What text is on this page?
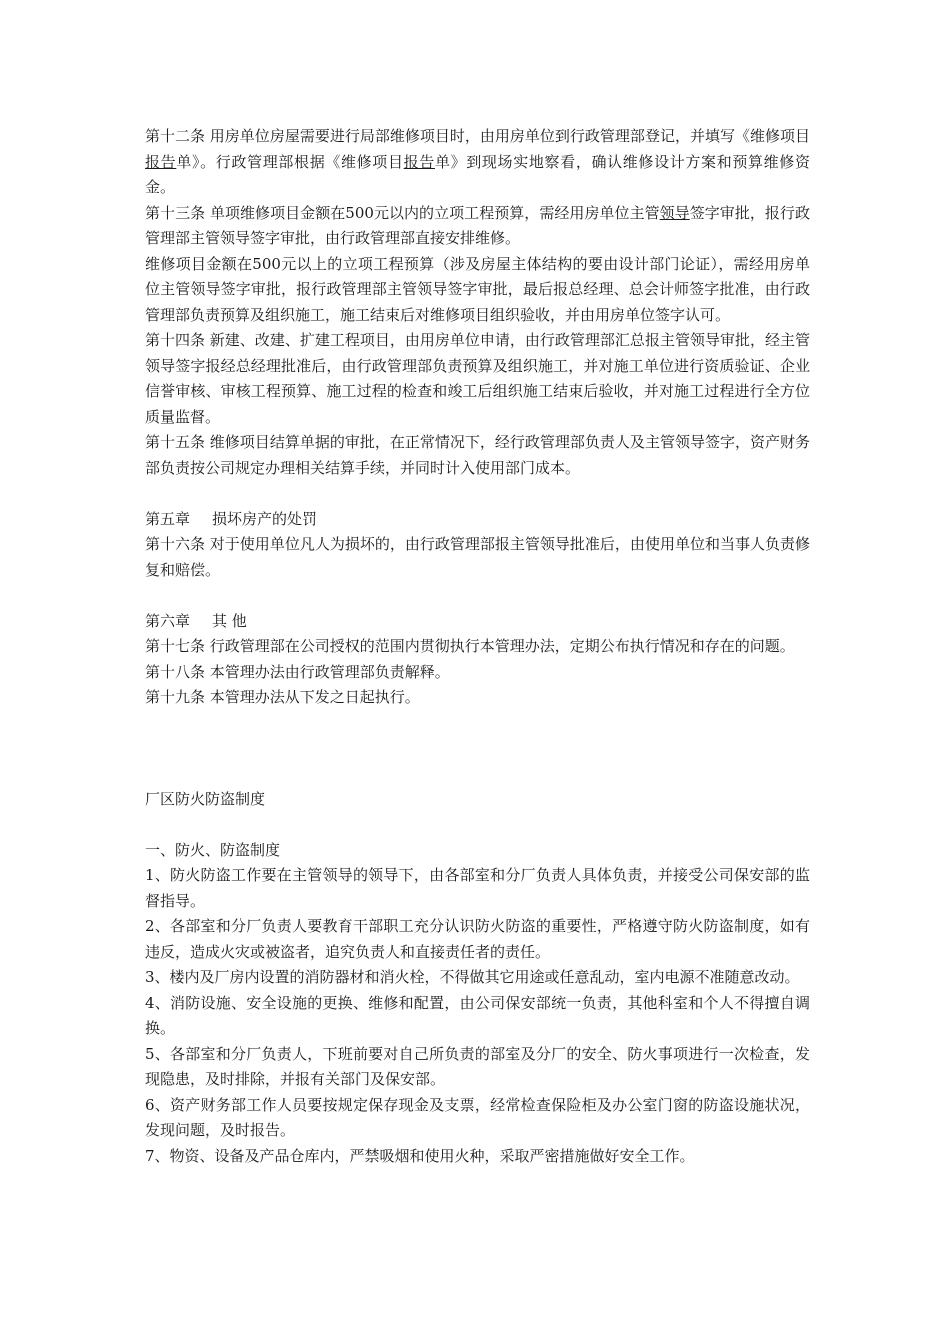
第十二条 用房单位房屋需要进行局部维修项目时，由用房单位到行政管理部登记，并填写《维修项目报告单》。行政管理部根据《维修项目报告单》到现场实地察看，确认维修设计方案和预算维修资金。

第十三条 单项维修项目金额在500元以内的立项工程预算，需经用房单位主管领导签字审批，报行政管理部主管领导签字审批，由行政管理部直接安排维修。

维修项目金额在500元以上的立项工程预算（涉及房屋主体结构的要由设计部门论证），需经用房单位主管领导签字审批，报行政管理部主管领导签字审批，最后报总经理、总会计师签字批准，由行政管理部负责预算及组织施工，施工结束后对维修项目组织验收，并由用房单位签字认可。

第十四条 新建、改建、扩建工程项目，由用房单位申请，由行政管理部汇总报主管领导审批，经主管领导签字报经总经理批准后，由行政管理部负责预算及组织施工，并对施工单位进行资质验证、企业信誉审核、审核工程预算、施工过程的检查和竣工后组织施工结束后验收，并对施工过程进行全方位质量监督。

第十五条 维修项目结算单据的审批，在正常情况下，经行政管理部负责人及主管领导签字，资产财务部负责按公司规定办理相关结算手续，并同时计入使用部门成本。

第五章 损坏房产的处罚

第十六条 对于使用单位凡人为损坏的，由行政管理部报主管领导批准后，由使用单位和当事人负责修复和赔偿。

第六章 其 他

第十七条 行政管理部在公司授权的范围内贯彻执行本管理办法，定期公布执行情况和存在的问题。

第十八条 本管理办法由行政管理部负责解释。

第十九条 本管理办法从下发之日起执行。

厂区防火防盗制度

一、防火、防盗制度

1、防火防盗工作要在主管领导的领导下，由各部室和分厂负责人具体负责，并接受公司保安部的监督指导。

2、各部室和分厂负责人要教育干部职工充分认识防火防盗的重要性，严格遵守防火防盗制度，如有违反，造成火灾或被盗者，追究负责人和直接责任者的责任。

3、楼内及厂房内设置的消防器材和消火栓，不得做其它用途或任意乱动，室内电源不准随意改动。

4、消防设施、安全设施的更换、维修和配置，由公司保安部统一负责，其他科室和个人不得擅自调换。

5、各部室和分厂负责人，下班前要对自己所负责的部室及分厂的安全、防火事项进行一次检查，发现隐患，及时排除，并报有关部门及保安部。

6、资产财务部工作人员要按规定保存现金及支票，经常检查保险柜及办公室门窗的防盗设施状况，发现问题，及时报告。

7、物资、设备及产品仓库内，严禁吸烟和使用火种，采取严密措施做好安全工作。
